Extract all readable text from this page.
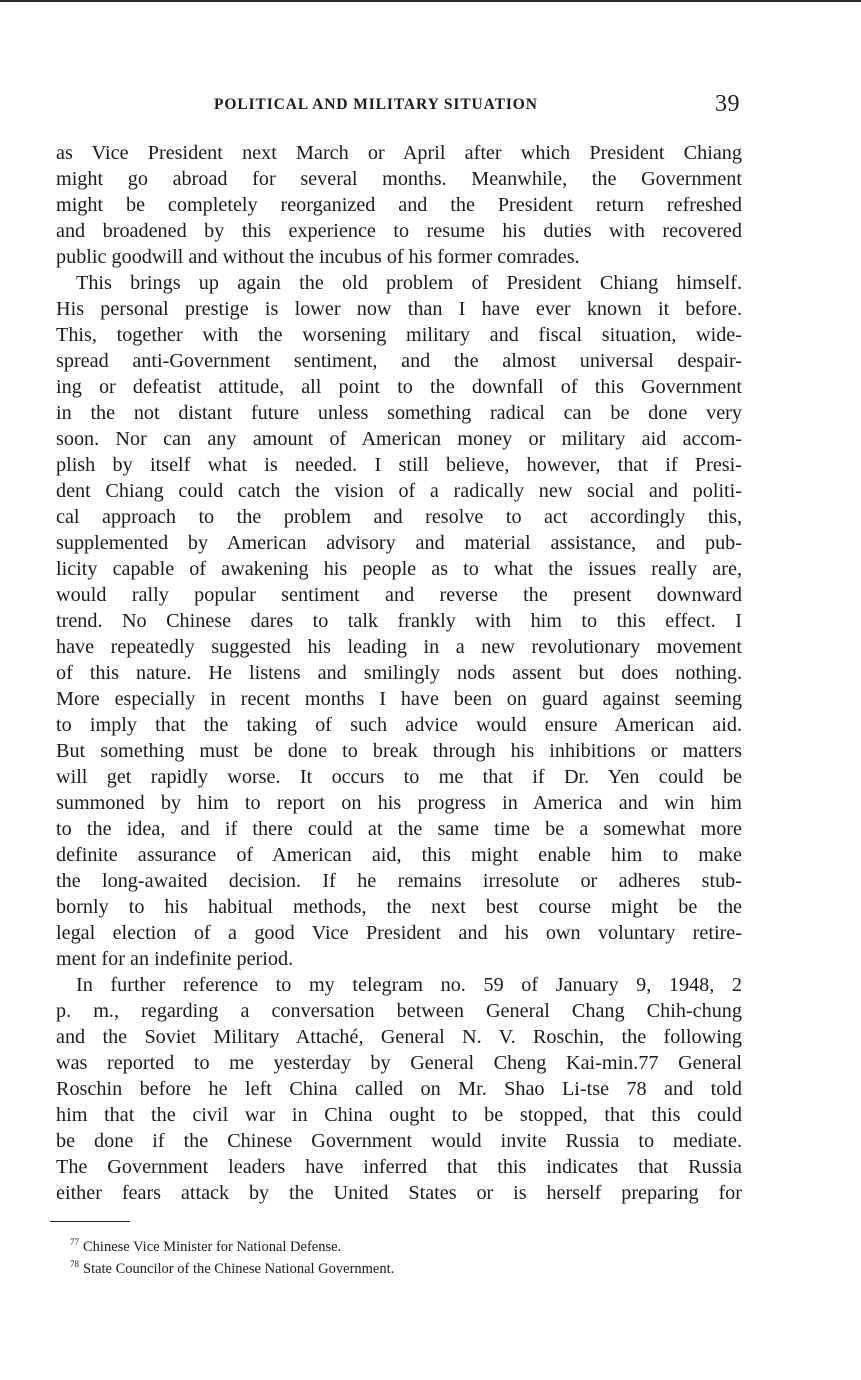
POLITICAL AND MILITARY SITUATION	39
as Vice President next March or April after which President Chiang
might go abroad for several months. Meanwhile, the Government
might be completely reorganized and the President return refreshed
and broadened by this experience to resume his duties with recovered
public goodwill and without the incubus of his former comrades.
This brings up again the old problem of President Chiang himself.
His personal prestige is lower now than I have ever known it before.
This, together with the worsening military and fiscal situation, wide-
spread anti-Government sentiment, and the almost universal despair-
ing or defeatist attitude, all point to the downfall of this Government
in the not distant future unless something radical can be done very
soon. Nor can any amount of American money or military aid accom-
plish by itself what is needed. I still believe, however, that if Presi-
dent Chiang could catch the vision of a radically new social and politi-
cal approach to the problem and resolve to act accordingly this,
supplemented by American advisory and material assistance, and pub-
licity capable of awakening his people as to what the issues really are,
would rally popular sentiment and reverse the present downward
trend. No Chinese dares to talk frankly with him to this effect. I
have repeatedly suggested his leading in a new revolutionary movement
of this nature. He listens and smilingly nods assent but does nothing.
More especially in recent months I have been on guard against seeming
to imply that the taking of such advice would ensure American aid.
But something must be done to break through his inhibitions or matters
will get rapidly worse. It occurs to me that if Dr. Yen could be
summoned by him to report on his progress in America and win him
to the idea, and if there could at the same time be a somewhat more
definite assurance of American aid, this might enable him to make
the long-awaited decision. If he remains irresolute or adheres stub-
bornly to his habitual methods, the next best course might be the
legal election of a good Vice President and his own voluntary retire-
ment for an indefinite period.
In further reference to my telegram no. 59 of January 9, 1948, 2
p. m., regarding a conversation between General Chang Chih-chung
and the Soviet Military Attaché, General N. V. Roschin, the following
was reported to me yesterday by General Cheng Kai-min.77 General
Roschin before he left China called on Mr. Shao Li-tse 78 and told
him that the civil war in China ought to be stopped, that this could
be done if the Chinese Government would invite Russia to mediate.
The Government leaders have inferred that this indicates that Russia
either fears attack by the United States or is herself preparing for
$^{77}$ Chinese Vice Minister for National Defense.
$^{78}$ State Councilor of the Chinese National Government.
